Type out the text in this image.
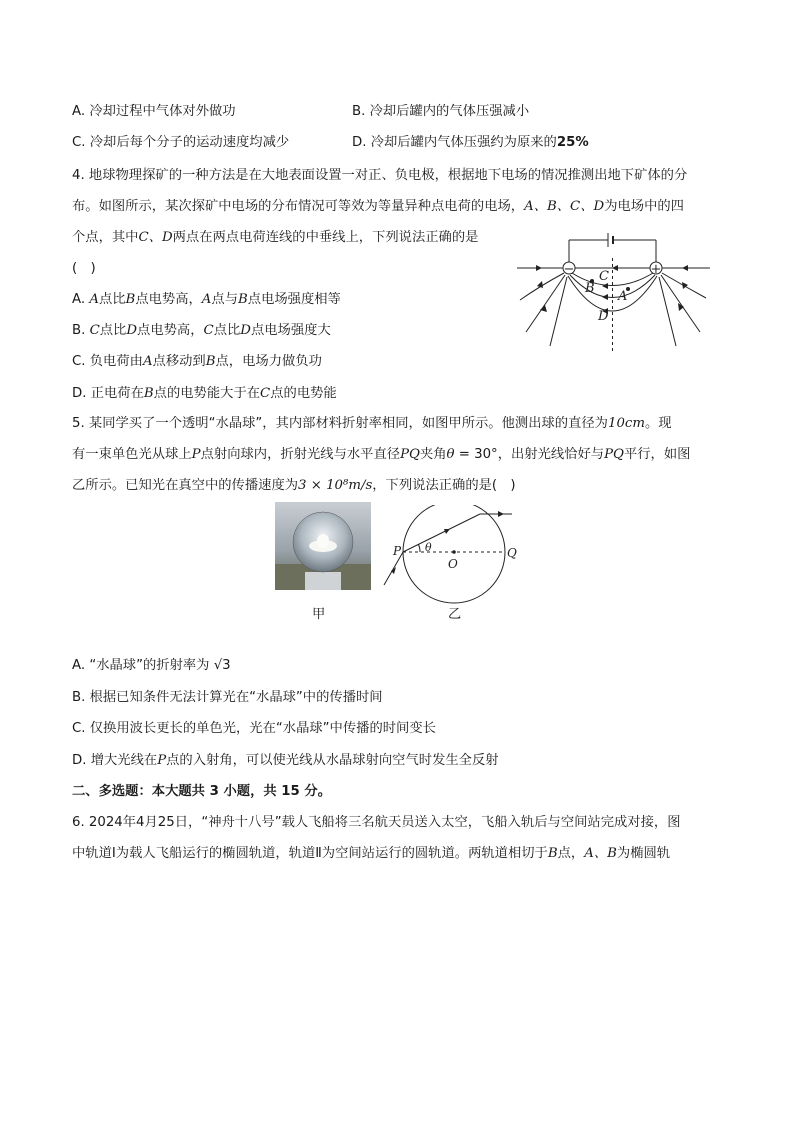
A. 冷却过程中气体对外做功	B. 冷却后罐内的气体压强减小
C. 冷却后每个分子的运动速度均减少	D. 冷却后罐内气体压强约为原来的25%
4. 地球物理探矿的一种方法是在大地表面设置一对正、负电极，根据地下电场的情况推测出地下矿体的分
布。如图所示，某次探矿中电场的分布情况可等效为等量异种点电荷的电场，A、B、C、D为电场中的四
个点，其中C、D两点在两点电荷连线的中垂线上，下列说法正确的是
(　)
A. A点比B点电势高，A点与B点电场强度相等
B. C点比D点电势高，C点比D点电场强度大
C. 负电荷由A点移动到B点，电场力做负功
D. 正电荷在B点的电势能大于在C点的电势能
−	+
C
B
A
D
5. 某同学买了一个透明“水晶球”，其内部材料折射率相同，如图甲所示。他测出球的直径为10cm。现
有一束单色光从球上P点射向球内，折射光线与水平直径PQ夹角θ = 30°，出射光线恰好与PQ平行，如图
乙所示。已知光在真空中的传播速度为3 × 10⁸m/s，下列说法正确的是(　)
甲
P	Q
O
θ
乙
A. “水晶球”的折射率为 √3
B. 根据已知条件无法计算光在“水晶球”中的传播时间
C. 仅换用波长更长的单色光，光在“水晶球”中传播的时间变长
D. 增大光线在P点的入射角，可以使光线从水晶球射向空气时发生全反射
二、多选题：本大题共 3 小题，共 15 分。
6. 2024年4月25日，“神舟十八号”载人飞船将三名航天员送入太空，飞船入轨后与空间站完成对接，图
中轨道Ⅰ为载人飞船运行的椭圆轨道，轨道Ⅱ为空间站运行的圆轨道。两轨道相切于B点，A、B为椭圆轨
